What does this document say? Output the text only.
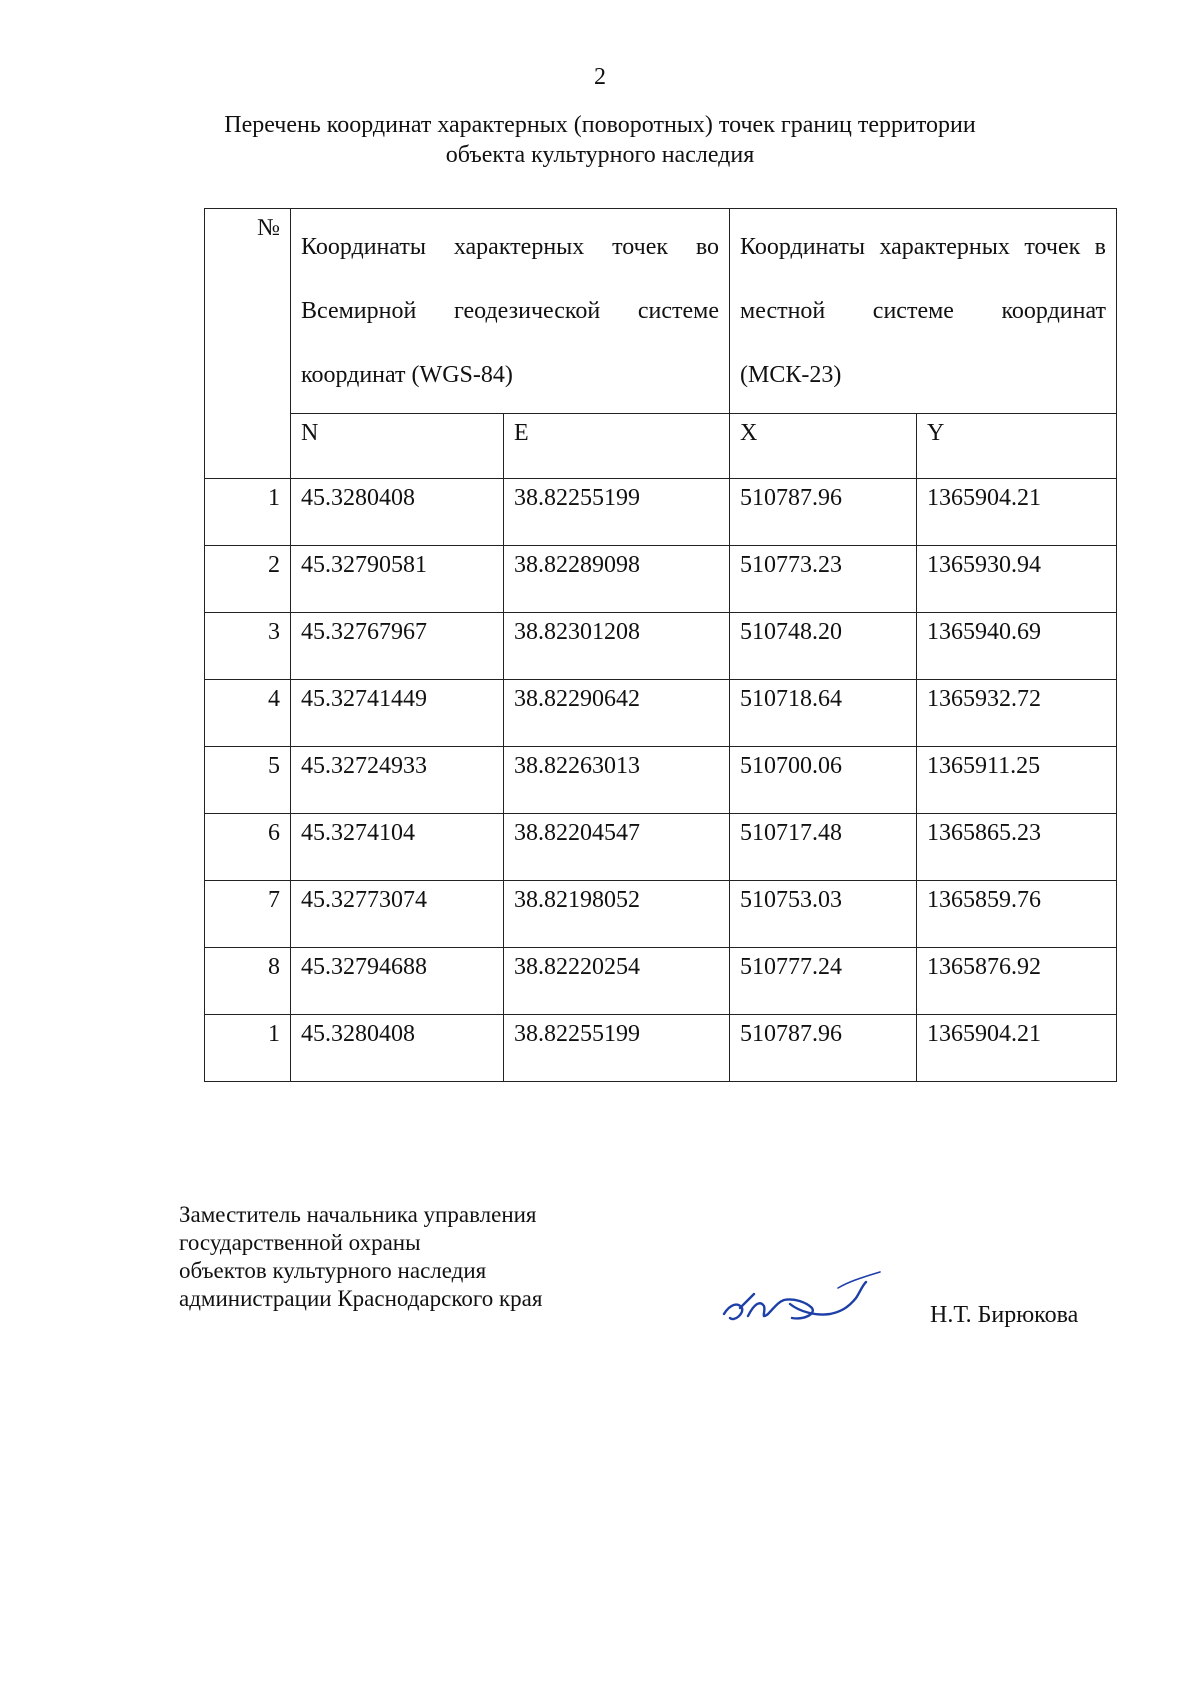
2
Перечень координат характерных (поворотных) точек границ территории
объекта культурного наследия
№	Координаты характерных точек во Всемирной геодезической системе координат (WGS-84)		Координаты характерных точек в местной системе координат (МСК-23)	
	N	E	X	Y
1	45.3280408	38.82255199	510787.96	1365904.21
2	45.32790581	38.82289098	510773.23	1365930.94
3	45.32767967	38.82301208	510748.20	1365940.69
4	45.32741449	38.82290642	510718.64	1365932.72
5	45.32724933	38.82263013	510700.06	1365911.25
6	45.3274104	38.82204547	510717.48	1365865.23
7	45.32773074	38.82198052	510753.03	1365859.76
8	45.32794688	38.82220254	510777.24	1365876.92
1	45.3280408	38.82255199	510787.96	1365904.21
Заместитель начальника управления
государственной охраны
объектов культурного наследия
администрации Краснодарского края
Н.Т. Бирюкова
